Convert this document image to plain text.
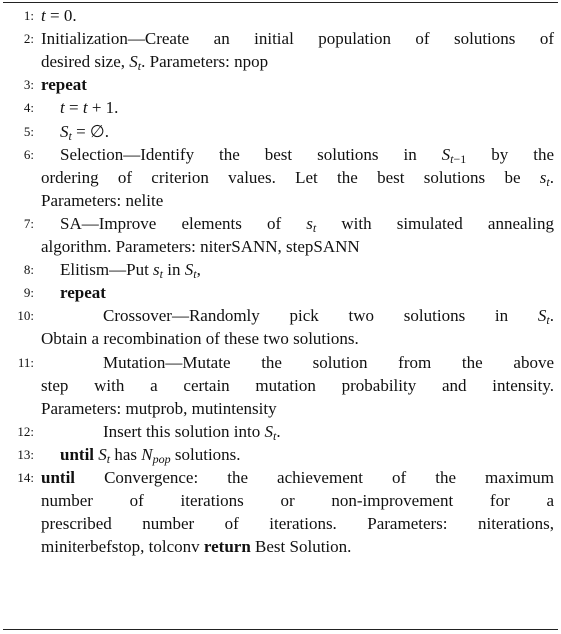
1: t = 0.
2: Initialization—Create an initial population of solutions of
desired size, $S_t$. Parameters: npop
3: repeat
4: t = t + 1.
5: $S_t$ = ∅.
6: Selection—Identify the best solutions in $S_{t-1}$ by the
ordering of criterion values. Let the best solutions be $s_t$.
Parameters: nelite
7: SA—Improve elements of $s_t$ with simulated annealing
algorithm. Parameters: niterSANN, stepSANN
8: Elitism—Put $s_t$ in $S_t$,
9: repeat
10:	Crossover—Randomly pick two solutions in $S_t$.
Obtain a recombination of these two solutions.
11:	Mutation—Mutate the solution from the above
step with a certain mutation probability and intensity.
Parameters: mutprob, mutintensity
12:	Insert this solution into $S_t$.
13: until $S_t$ has $N_{pop}$ solutions.
14: until Convergence: the achievement of the maximum
number of iterations or non-improvement for a
prescribed number of iterations. Parameters: niterations,
miniterbefstop, tolconv return Best Solution.
